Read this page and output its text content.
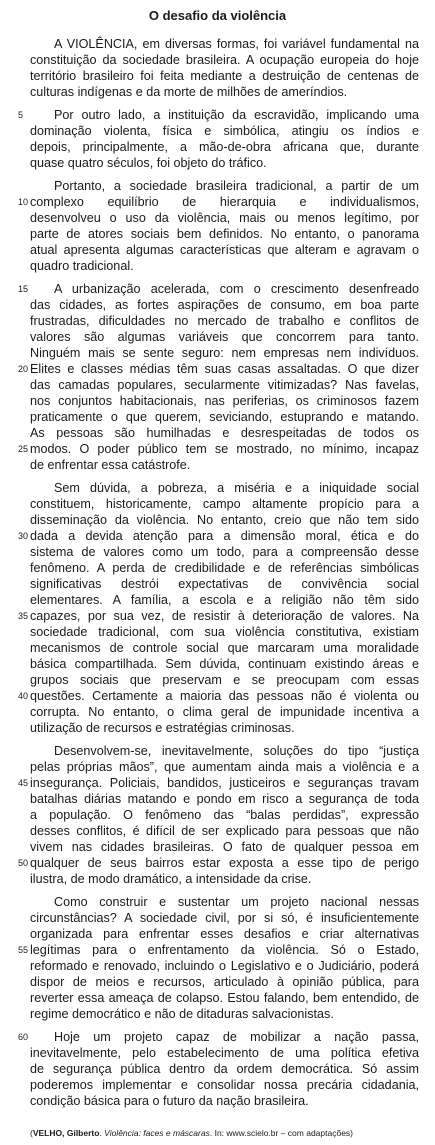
O desafio da violência
A VIOLÊNCIA, em diversas formas, foi variável fundamental na
constituição da sociedade brasileira. A ocupação europeia do hoje
território brasileiro foi feita mediante a destruição de centenas de
culturas indígenas e da morte de milhões de ameríndios.
Por outro lado, a instituição da escravidão, implicando uma
dominação violenta, física e simbólica, atingiu os índios e
depois, principalmente, a mão-de-obra africana que, durante
quase quatro séculos, foi objeto do tráfico.
Portanto, a sociedade brasileira tradicional, a partir de um
complexo equilíbrio de hierarquia e individualismos,
desenvolveu o uso da violência, mais ou menos legítimo, por
parte de atores sociais bem definidos. No entanto, o panorama
atual apresenta algumas características que alteram e agravam o
quadro tradicional.
A urbanização acelerada, com o crescimento desenfreado
das cidades, as fortes aspirações de consumo, em boa parte
frustradas, dificuldades no mercado de trabalho e conflitos de
valores são algumas variáveis que concorrem para tanto.
Ninguém mais se sente seguro: nem empresas nem indivíduos.
Elites e classes médias têm suas casas assaltadas. O que dizer
das camadas populares, secularmente vitimizadas? Nas favelas,
nos conjuntos habitacionais, nas periferias, os criminosos fazem
praticamente o que querem, seviciando, estuprando e matando.
As pessoas são humilhadas e desrespeitadas de todos os
modos. O poder público tem se mostrado, no mínimo, incapaz
de enfrentar essa catástrofe.
Sem dúvida, a pobreza, a miséria e a iniquidade social
constituem, historicamente, campo altamente propício para a
disseminação da violência. No entanto, creio que não tem sido
dada a devida atenção para a dimensão moral, ética e do
sistema de valores como um todo, para a compreensão desse
fenômeno. A perda de credibilidade e de referências simbólicas
significativas destrói expectativas de convivência social
elementares. A família, a escola e a religião não têm sido
capazes, por sua vez, de resistir à deterioração de valores. Na
sociedade tradicional, com sua violência constitutiva, existiam
mecanismos de controle social que marcaram uma moralidade
básica compartilhada. Sem dúvida, continuam existindo áreas e
grupos sociais que preservam e se preocupam com essas
questões. Certamente a maioria das pessoas não é violenta ou
corrupta. No entanto, o clima geral de impunidade incentiva a
utilização de recursos e estratégias criminosas.
Desenvolvem-se, inevitavelmente, soluções do tipo “justiça
pelas próprias mãos”, que aumentam ainda mais a violência e a
insegurança. Policiais, bandidos, justiceiros e seguranças travam
batalhas diárias matando e pondo em risco a segurança de toda
a população. O fenômeno das “balas perdidas”, expressão
desses conflitos, é difícil de ser explicado para pessoas que não
vivem nas cidades brasileiras. O fato de qualquer pessoa em
qualquer de seus bairros estar exposta a esse tipo de perigo
ilustra, de modo dramático, a intensidade da crise.
Como construir e sustentar um projeto nacional nessas
circunstâncias? A sociedade civil, por si só, é insuficientemente
organizada para enfrentar esses desafios e criar alternativas
legítimas para o enfrentamento da violência. Só o Estado,
reformado e renovado, incluindo o Legislativo e o Judiciário, poderá
dispor de meios e recursos, articulado à opinião pública, para
reverter essa ameaça de colapso. Estou falando, bem entendido, de
regime democrático e não de ditaduras salvacionistas.
Hoje um projeto capaz de mobilizar a nação passa,
inevitavelmente, pelo estabelecimento de uma política efetiva
de segurança pública dentro da ordem democrática. Só assim
poderemos implementar e consolidar nossa precária cidadania,
condição básica para o futuro da nação brasileira.
5
10
15
20
25
30
35
40
45
50
55
60
(VELHO, Gilberto. Violência: faces e máscaras. In: www.scielo.br – com adaptações)
